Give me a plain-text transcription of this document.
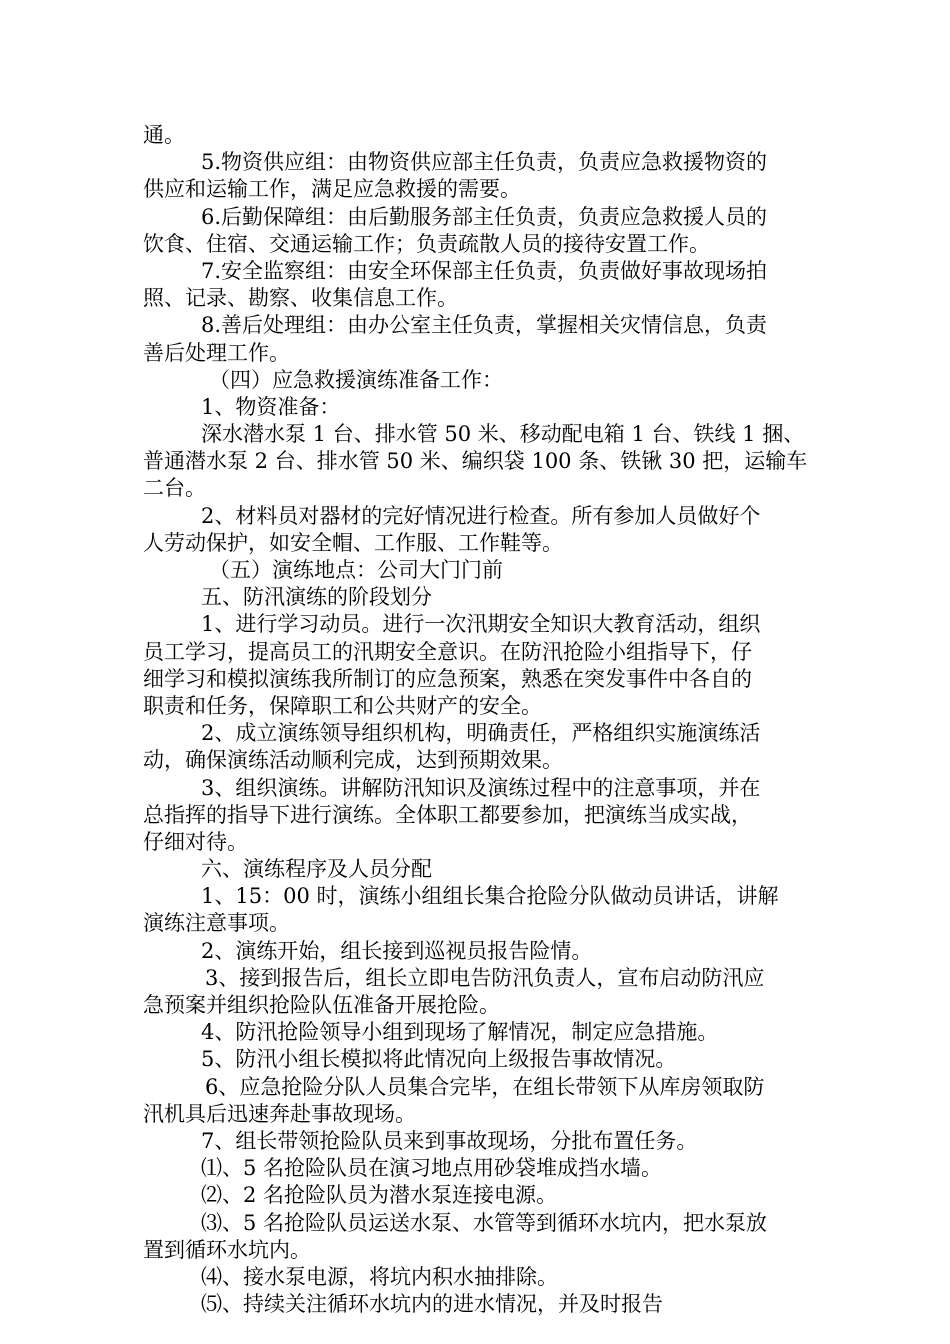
通。
5.物资供应组：由物资供应部主任负责，负责应急救援物资的
供应和运输工作，满足应急救援的需要。
6.后勤保障组：由后勤服务部主任负责，负责应急救援人员的
饮食、住宿、交通运输工作；负责疏散人员的接待安置工作。
7.安全监察组：由安全环保部主任负责，负责做好事故现场拍
照、记录、勘察、收集信息工作。
8.善后处理组：由办公室主任负责，掌握相关灾情信息，负责
善后处理工作。
（四）应急救援演练准备工作：
1、物资准备：
深水潜水泵 1 台、排水管 50 米、移动配电箱 1 台、铁线 1 捆、
普通潜水泵 2 台、排水管 50 米、编织袋 100 条、铁锹 30 把，运输车
二台。
2、材料员对器材的完好情况进行检查。所有参加人员做好个
人劳动保护，如安全帽、工作服、工作鞋等。
（五）演练地点：公司大门门前
五、防汛演练的阶段划分
1、进行学习动员。进行一次汛期安全知识大教育活动，组织
员工学习，提高员工的汛期安全意识。在防汛抢险小组指导下，仔
细学习和模拟演练我所制订的应急预案，熟悉在突发事件中各自的
职责和任务，保障职工和公共财产的安全。
2、成立演练领导组织机构，明确责任，严格组织实施演练活
动，确保演练活动顺利完成，达到预期效果。
3、组织演练。讲解防汛知识及演练过程中的注意事项，并在
总指挥的指导下进行演练。全体职工都要参加，把演练当成实战，
仔细对待。
六、演练程序及人员分配
1、15：00 时，演练小组组长集合抢险分队做动员讲话，讲解
演练注意事项。
2、演练开始，组长接到巡视员报告险情。
3、接到报告后，组长立即电告防汛负责人，宣布启动防汛应
急预案并组织抢险队伍准备开展抢险。
4、防汛抢险领导小组到现场了解情况，制定应急措施。
5、防汛小组长模拟将此情况向上级报告事故情况。
6、应急抢险分队人员集合完毕，在组长带领下从库房领取防
汛机具后迅速奔赴事故现场。
7、组长带领抢险队员来到事故现场，分批布置任务。
⑴、5 名抢险队员在演习地点用砂袋堆成挡水墙。
⑵、2 名抢险队员为潜水泵连接电源。
⑶、5 名抢险队员运送水泵、水管等到循环水坑内，把水泵放
置到循环水坑内。
⑷、接水泵电源，将坑内积水抽排除。
⑸、持续关注循环水坑内的进水情况，并及时报告
